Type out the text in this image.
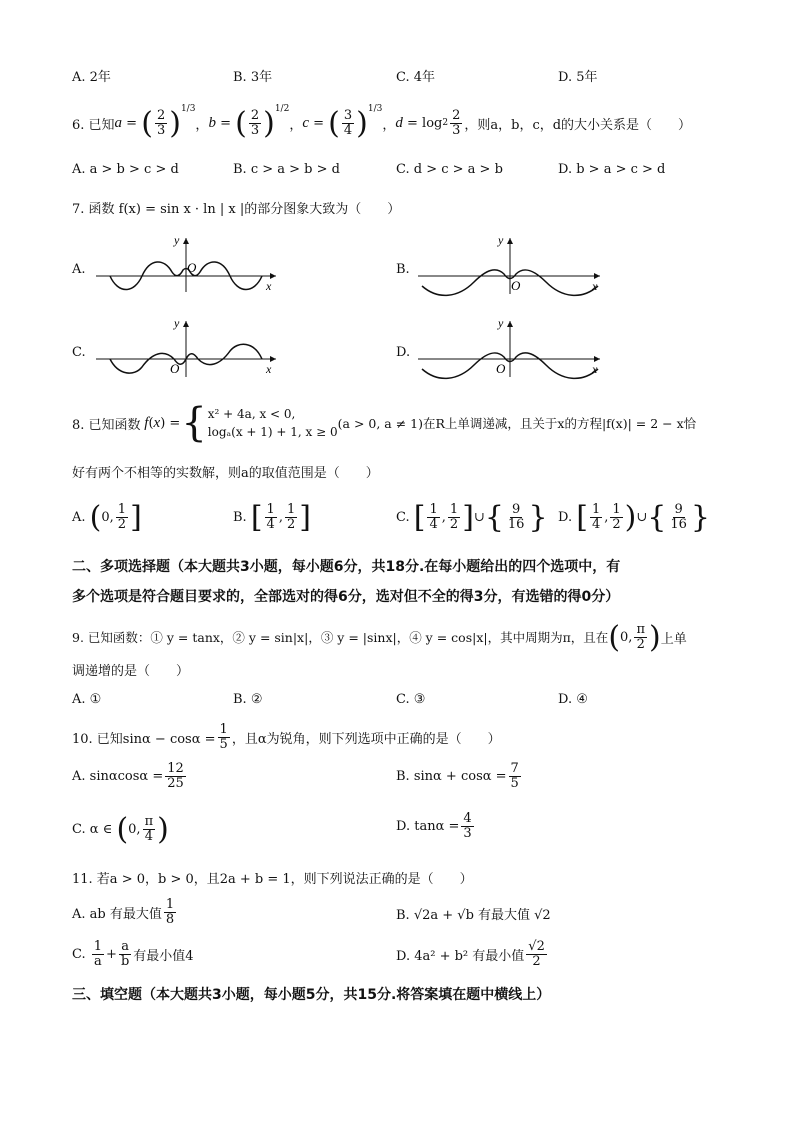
A. 2年	B. 3年	C. 4年	D. 5年
6. 已知 a = ( $\frac{2}{3} )^{1/3}$
， b = ( $\frac{2}{3} )^{1/2}$
， c = ( $\frac{3}{4} )^{1/3}$
， $d = \log 2 \frac{2}{3}$ ，则a，b，c，d的大小关系是（　　）
A. a > b > c > d	B. c > a > b > d	C. d > c > a > b	D. b > a > c > d
7. 函数 f(x) = sin x · ln | x |的部分图象大致为（　　）
A.
y
x
O	B.
y
x
O
C.
y
x
O
D.
y
x
O
8. 已知函数 f ( x ) = { x² + 4a, x < 0,
logₐ(x + 1) + 1, x ≥ 0
(a > 0, a ≠ 1)在R上单调递减，且关于x的方程|f(x)| = 2 − x恰
好有两个不相等的实数解，则a的取值范围是（　　）
A.
( 0, $\frac{1}{2}$ ]	B.
[ $\frac{1}{4}$ , $\frac{1}{2}$ ]	C.
[ $\frac{1}{4}$ , $\frac{1}{2}$ ] ∪ { $\frac{9}{16}$ } D.
[ $\frac{1}{4}$ , $\frac{1}{2}$ ) ∪ { $\frac{9}{16}$ }
二、多项选择题（本大题共3小题，每小题6分，共18分.在每小题给出的四个选项中，有
多个选项是符合题目要求的，全部选对的得6分，选对但不全的得3分，有选错的得0分）
9. 已知函数：① y = tanx，② y = sin|x|，③ y = |sinx|，④ y = cos|x|，其中周期为π，且在 ( 0, $\frac{\pi}{2}$ ) 上单
调递增的是（　　）
A. ①	B. ②	C. ③	D. ④
10. 已知$\sin\alpha - \cos\alpha = \frac{1}{5}$ ，且α为锐角，则下列选项中正确的是（　　）
A. $\sin\alpha\cos\alpha = \frac{12}{25}$	B. $\sin\alpha + \cos\alpha = \frac{7}{5}$
C. α ∈
( 0, $\frac{\pi}{4}$ )	D. $\tan\alpha = \frac{4}{3}$
11. 若a > 0，b > 0，且2a + b = 1，则下列说法正确的是（　　）
A. ab 有最大值 $\frac{1}{8}$	B. √2a + √b 有最大值 √2
C.
$\frac{1}{a} + \frac{a}{b}$ 有最小值4	D. 4a² + b² 有最小值 $\frac{√2}{2}$
三、填空题（本大题共3小题，每小题5分，共15分.将答案填在题中横线上）
